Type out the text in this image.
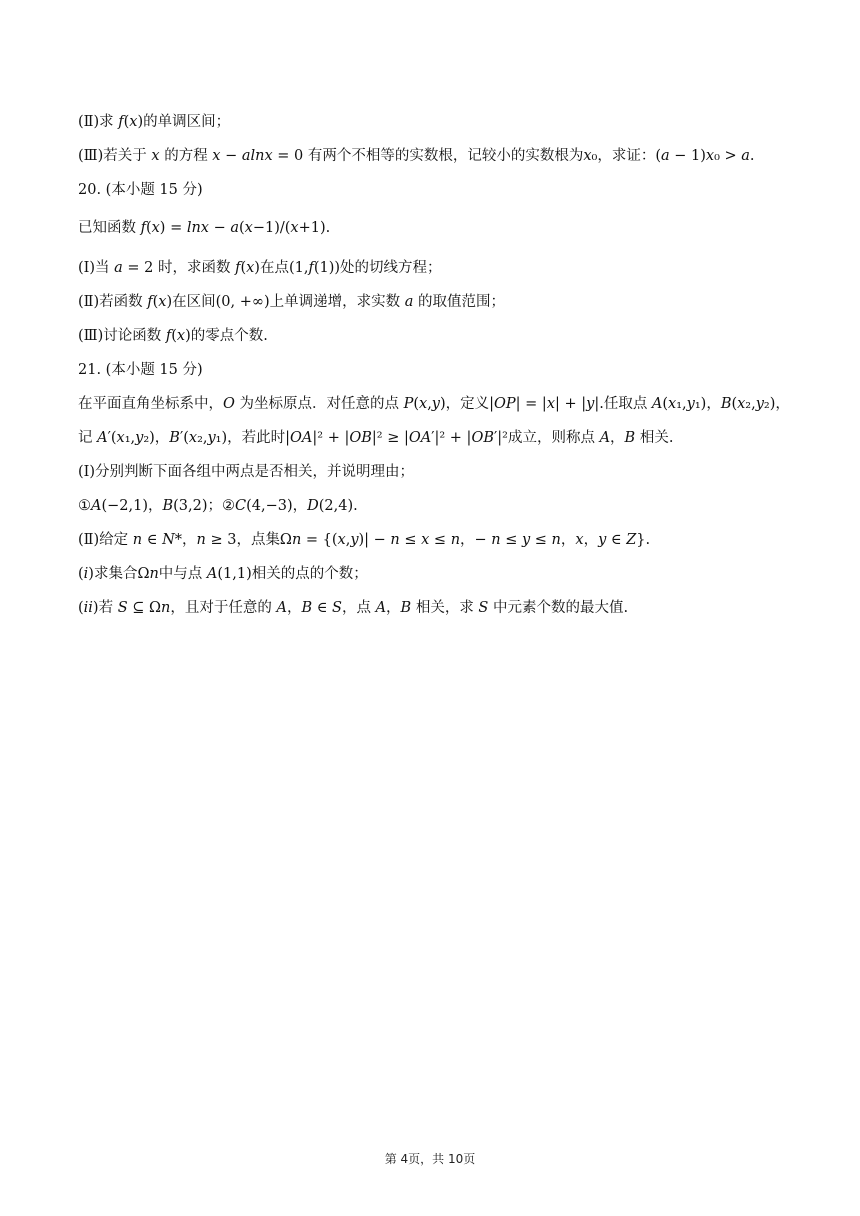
(Ⅱ)求 𝑓(𝑥)的单调区间；
(Ⅲ)若关于 𝑥 的方程 𝑥 − 𝑎𝑙𝑛𝑥 = 0 有两个不相等的实数根，记较小的实数根为𝑥₀，求证：(𝑎 − 1)𝑥₀ > 𝑎.
20. (本小题 15 分)
已知函数 𝑓(𝑥) = 𝑙𝑛𝑥 − 𝑎(𝑥−1)/(𝑥+1).
(Ⅰ)当 𝑎 = 2 时，求函数 𝑓(𝑥)在点(1,𝑓(1))处的切线方程；
(Ⅱ)若函数 𝑓(𝑥)在区间(0, +∞)上单调递增，求实数 𝑎 的取值范围；
(Ⅲ)讨论函数 𝑓(𝑥)的零点个数.
21. (本小题 15 分)
在平面直角坐标系中，𝑂 为坐标原点．对任意的点 𝑃(𝑥,𝑦)，定义|𝑂𝑃| = |𝑥| + |𝑦|.任取点 𝐴(𝑥₁,𝑦₁)，𝐵(𝑥₂,𝑦₂)，
记 𝐴′(𝑥₁,𝑦₂)，𝐵′(𝑥₂,𝑦₁)，若此时|𝑂𝐴|² + |𝑂𝐵|² ≥ |𝑂𝐴′|² + |𝑂𝐵′|²成立，则称点 𝐴，𝐵 相关.
(Ⅰ)分别判断下面各组中两点是否相关，并说明理由；
①𝐴(−2,1)，𝐵(3,2)；②𝐶(4,−3)，𝐷(2,4).
(Ⅱ)给定 𝑛 ∈ 𝑁*，𝑛 ≥ 3，点集Ω𝑛 = {(𝑥,𝑦)| − 𝑛 ≤ 𝑥 ≤ 𝑛，− 𝑛 ≤ 𝑦 ≤ 𝑛，𝑥，𝑦 ∈ 𝑍}.
(𝑖)求集合Ω𝑛中与点 𝐴(1,1)相关的点的个数；
(𝑖𝑖)若 𝑆 ⊆ Ω𝑛，且对于任意的 𝐴，𝐵 ∈ 𝑆，点 𝐴，𝐵 相关，求 𝑆 中元素个数的最大值.
第 4页，共 10页
